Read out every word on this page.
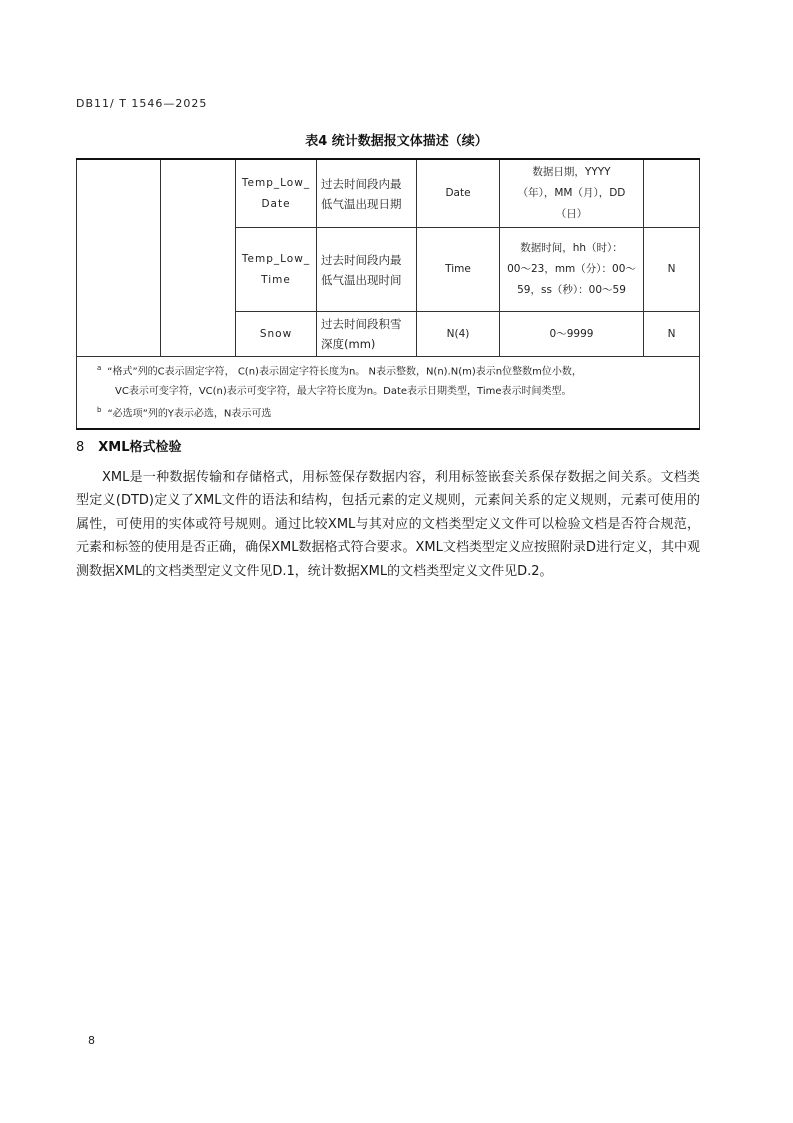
DB11/ T 1546—2025
表4 统计数据报文体描述（续）
		Temp_Low_Date	过去时间段内最低气温出现日期	Date	数据日期，YYYY
（年），MM（月），DD
（日）	

		Temp_Low_Time	过去时间段内最低气温出现时间	Time	数据时间，hh（时）：
00～23，mm（分）：00～
59，ss（秒）：00～59	N
		Snow	过去时间段积雪深度(mm)	N(4)	0～9999	N

$^a$ “格式”列的C表示固定字符， C(n)表示固定字符长度为n。 N表示整数，N(n).N(m)表示n位整数m位小数，
VC表示可变字符，VC(n)表示可变字符，最大字符长度为n。Date表示日期类型，Time表示时间类型。
$^b$ “必选项”列的Y表示必选，N表示可选						
8 XML格式检验
XML是一种数据传输和存储格式，用标签保存数据内容，利用标签嵌套关系保存数据之间关系。文档类型定义(DTD)定义了XML文件的语法和结构，包括元素的定义规则，元素间关系的定义规则，元素可使用的属性，可使用的实体或符号规则。通过比较XML与其对应的文档类型定义文件可以检验文档是否符合规范，元素和标签的使用是否正确，确保XML数据格式符合要求。XML文档类型定义应按照附录D进行定义，其中观测数据XML的文档类型定义文件见D.1，统计数据XML的文档类型定义文件见D.2。
8
